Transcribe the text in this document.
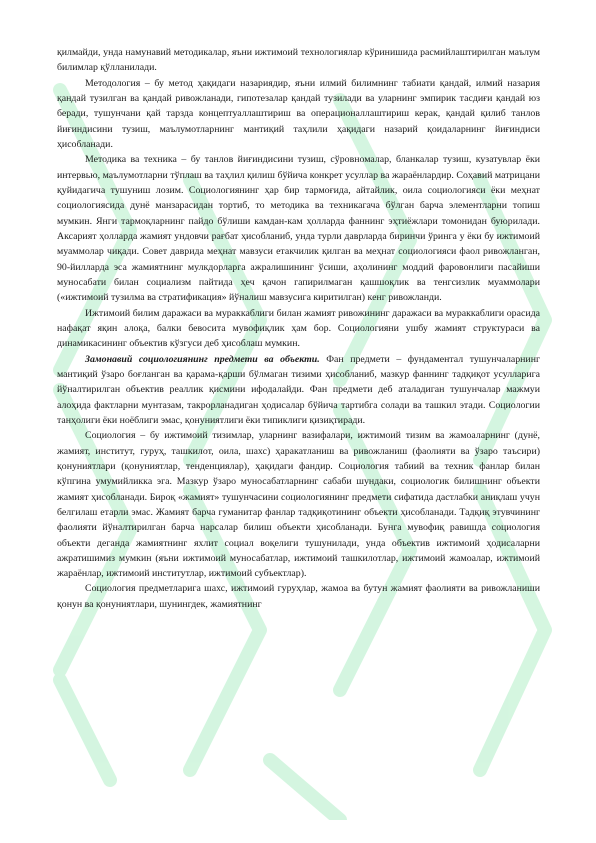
қилмайди, унда намунавий методикалар, яъни ижтимоий технологиялар кўринишида расмийлаштирилган маълум билимлар қўлланилади.

Методология – бу метод ҳақидаги назариядир, яъни илмий билимнинг табиати қандай, илмий назария қандай тузилган ва қандай ривожланади, гипотезалар қандай тузилади ва уларнинг эмпирик тасдиғи қандай юз беради, тушунчани қай тарзда концептуаллаштириш ва операционаллаштириш керак, қандай қилиб танлов йиғиндисини тузиш, маълумотларнинг мантиқий таҳлили ҳақидаги назарий қоидаларнинг йиғиндиси ҳисобланади.

Методика ва техника – бу танлов йиғиндисини тузиш, сўровномалар, бланкалар тузиш, кузатувлар ёки интервью, маълумотларни тўплаш ва таҳлил қилиш бўйича конкрет усуллар ва жараёнлардир. Соҳавий матрицани қуйидагича тушуниш лозим. Социологиянинг ҳар бир тармоғида, айтайлик, оила социологияси ёки меҳнат социологиясида дунё манзарасидан тортиб, то методика ва техникагача бўлган барча элементларни топиш мумкин. Янги тармоқларнинг пайдо бўлиши камдан-кам ҳолларда фаннинг эҳтиёжлари томонидан буюрилади. Аксарият ҳолларда жамият ундовчи рағбат ҳисобланиб, унда турли даврларда биринчи ўринга у ёки бу ижтимоий муаммолар чиқади. Совет даврида меҳнат мавзуси етакчилик қилган ва меҳнат социологияси фаол ривожланган, 90-йилларда эса жамиятнинг мулкдорларга ажралишининг ўсиши, аҳолининг моддий фаровонлиги пасайиши муносабати билан социализм пайтида ҳеч қачон гапирилмаган қашшоқлик ва тенгсизлик муаммолари («ижтимоий тузилма ва стратификация» йўналиш мавзусига киритилган) кенг ривожланди.

Ижтимоий билим даражаси ва мураккаблиги билан жамият ривожининг даражаси ва мураккаблиги орасида нафақат яқин алоқа, балки бевосита мувофиқлик ҳам бор. Социологияни ушбу жамият структураси ва динамикасининг объектив кўзгуси деб ҳисоблаш мумкин.

Замонавий социологиянинг предмети ва объекти. Фан предмети – фундаментал тушунчаларнинг мантиқий ўзаро боғланган ва қарама-қарши бўлмаган тизими ҳисобланиб, мазкур фаннинг тадқиқот усулларига йўналтирилган объектив реаллик қисмини ифодалайди. Фан предмети деб аталадиган тушунчалар мажмуи алоҳида фактларни мунтазам, такрорланадиган ҳодисалар бўйича тартибга солади ва ташкил этади. Социологии танҳолиги ёки ноёблиги эмас, қонуниятлиги ёки типиклиги қизиқтиради.

Социология – бу ижтимоий тизимлар, уларнинг вазифалари, ижтимоий тизим ва жамоаларнинг (дунё, жамият, институт, гуруҳ, ташкилот, оила, шахс) ҳаракатланиш ва ривожланиш (фаолияти ва ўзаро таъсири) қонуниятлари (қонуниятлар, тенденциялар), ҳақидаги фандир. Социология табиий ва техник фанлар билан кўпгина умумийликка эга. Мазкур ўзаро муносабатларнинг сабаби шундаки, социологик билишнинг объекти жамият ҳисобланади. Бироқ «жамият» тушунчасини социологиянинг предмети сифатида дастлабки аниқлаш учун белгилаш етарли эмас. Жамият барча гуманитар фанлар тадқиқотининг объекти ҳисобланади. Тадқиқ этувчининг фаолияти йўналтирилган барча нарсалар билиш объекти ҳисобланади. Бунга мувофиқ равишда социология объекти деганда жамиятнинг яхлит социал воқелиги тушунилади, унда объектив ижтимоий ҳодисаларни ажратишимиз мумкин (яъни ижтимоий муносабатлар, ижтимоий ташкилотлар, ижтимоий жамоалар, ижтимоий жараёнлар, ижтимоий институтлар, ижтимоий субъектлар).

Социология предметларига шахс, ижтимоий гуруҳлар, жамоа ва бутун жамият фаолияти ва ривожланиши қонун ва қонуниятлари, шунингдек, жамиятнинг
